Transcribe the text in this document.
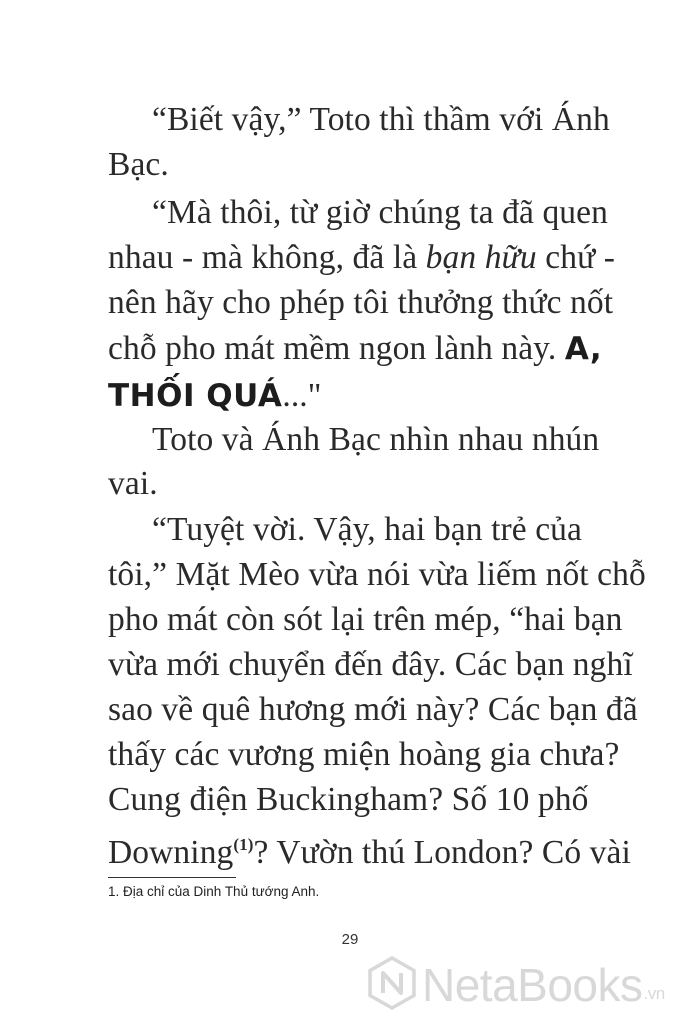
“Biết vậy,” Toto thì thầm với Ánh
Bạc.
“Mà thôi, từ giờ chúng ta đã quen
nhau - mà không, đã là bạn hữu chứ -
nên hãy cho phép tôi thưởng thức nốt
chỗ pho mát mềm ngon lành này. A,
THỐI QUÁ..."
Toto và Ánh Bạc nhìn nhau nhún
vai.
“Tuyệt vời. Vậy, hai bạn trẻ của
tôi,” Mặt Mèo vừa nói vừa liếm nốt chỗ
pho mát còn sót lại trên mép, “hai bạn
vừa mới chuyển đến đây. Các bạn nghĩ
sao về quê hương mới này? Các bạn đã
thấy các vương miện hoàng gia chưa?
Cung điện Buckingham? Số 10 phố
Downing$^{(1)}$? Vườn thú London? Có vài
1. Địa chỉ của Dinh Thủ tướng Anh.
29
NetaBooks .vn
